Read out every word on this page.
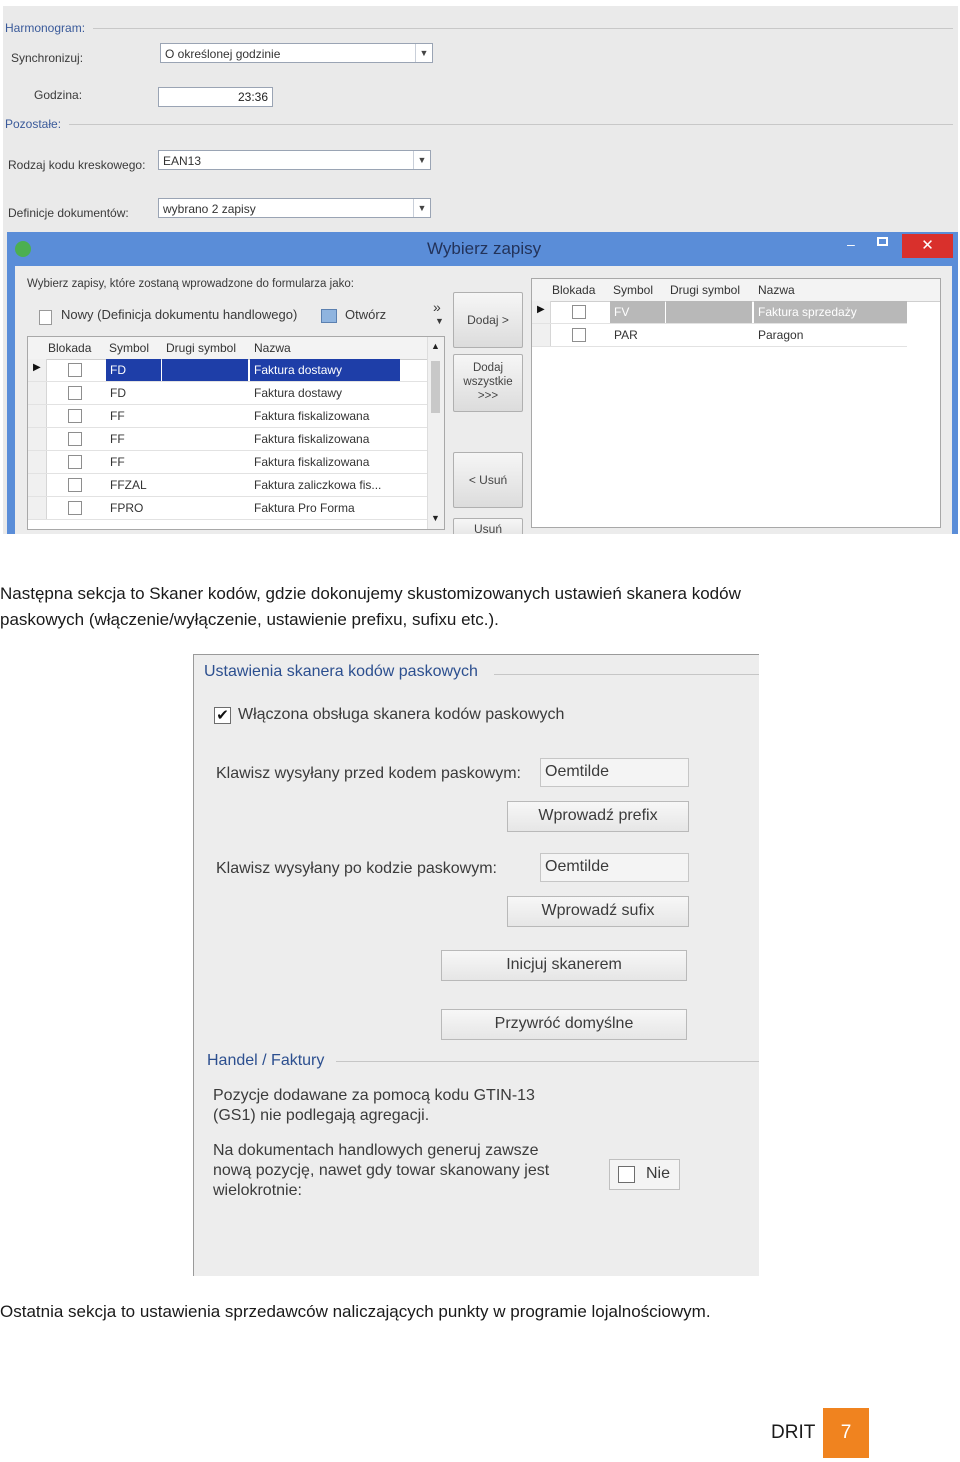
Harmonogram:
Synchronizuj:	O określonej godzinie	▼
Godzina:	23:36
Pozostałe:
Rodzaj kodu kreskowego:	EAN13	▼
Definicje dokumentów:	wybrano 2 zapisy	▼
Wybierz zapisy	–	✕
Wybierz zapisy, które zostaną wprowadzone do formularza jako:
Nowy (Definicja dokumentu handlowego)	Otwórz	»
▼
Blokada Symbol Drugi symbol Nazwa
▶	FD	Faktura dostawy
FD	Faktura dostawy
FF	Faktura fiskalizowana
FF	Faktura fiskalizowana
FF	Faktura fiskalizowana
FFZAL	Faktura zaliczkowa fis...
FPRO	Faktura Pro Forma
▲
▼
Dodaj >
Dodaj
wszystkie
>>>
< Usuń
Usuń
Blokada Symbol Drugi symbol Nazwa
▶	FV	Faktura sprzedaży
PAR	Paragon
Następna sekcja to Skaner kodów, gdzie dokonujemy skustomizowanych ustawień skanera kodów
paskowych (włączenie/wyłączenie, ustawienie prefixu, sufixu etc.).
Ustawienia skanera kodów paskowych
✔ Włączona obsługa skanera kodów paskowych
Klawisz wysyłany przed kodem paskowym:	Oemtilde
Wprowadź prefix
Klawisz wysyłany po kodzie paskowym:	Oemtilde
Wprowadź sufix
Inicjuj skanerem
Przywróć domyślne
Handel / Faktury
Pozycje dodawane za pomocą kodu GTIN-13
(GS1) nie podlegają agregacji.
Na dokumentach handlowych generuj zawsze
nową pozycję, nawet gdy towar skanowany jest
wielokrotnie:
Nie
Ostatnia sekcja to ustawienia sprzedawców naliczających punkty w programie lojalnościowym.
DRIT	7
